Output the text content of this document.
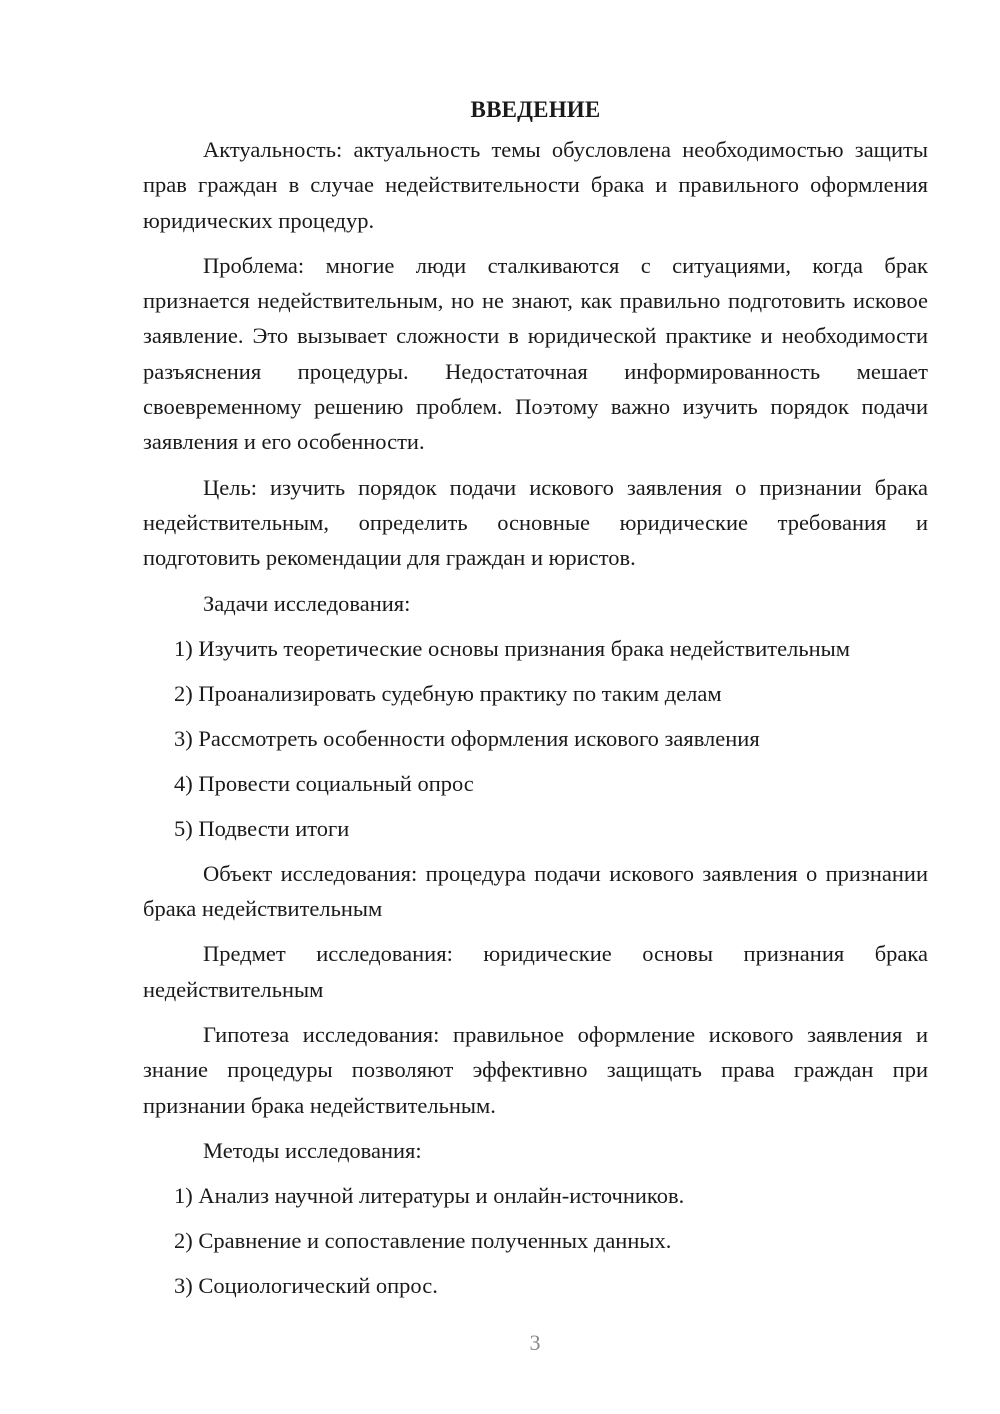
ВВЕДЕНИЕ

Актуальность: актуальность темы обусловлена необходимостью защиты прав граждан в случае недействительности брака и правильного оформления юридических процедур.

Проблема: многие люди сталкиваются с ситуациями, когда брак признается недействительным, но не знают, как правильно подготовить исковое заявление. Это вызывает сложности в юридической практике и необходимости разъяснения процедуры. Недостаточная информированность мешает своевременному решению проблем. Поэтому важно изучить порядок подачи заявления и его особенности.

Цель: изучить порядок подачи искового заявления о признании брака недействительным, определить основные юридические требования и подготовить рекомендации для граждан и юристов.

Задачи исследования:

1) Изучить теоретические основы признания брака недействительным
2) Проанализировать судебную практику по таким делам
3) Рассмотреть особенности оформления искового заявления
4) Провести социальный опрос
5) Подвести итоги

Объект исследования: процедура подачи искового заявления о признании брака недействительным

Предмет исследования: юридические основы признания брака недействительным

Гипотеза исследования: правильное оформление искового заявления и знание процедуры позволяют эффективно защищать права граждан при признании брака недействительным.

Методы исследования:

1) Анализ научной литературы и онлайн-источников.
2) Сравнение и сопоставление полученных данных.
3) Социологический опрос.
3
